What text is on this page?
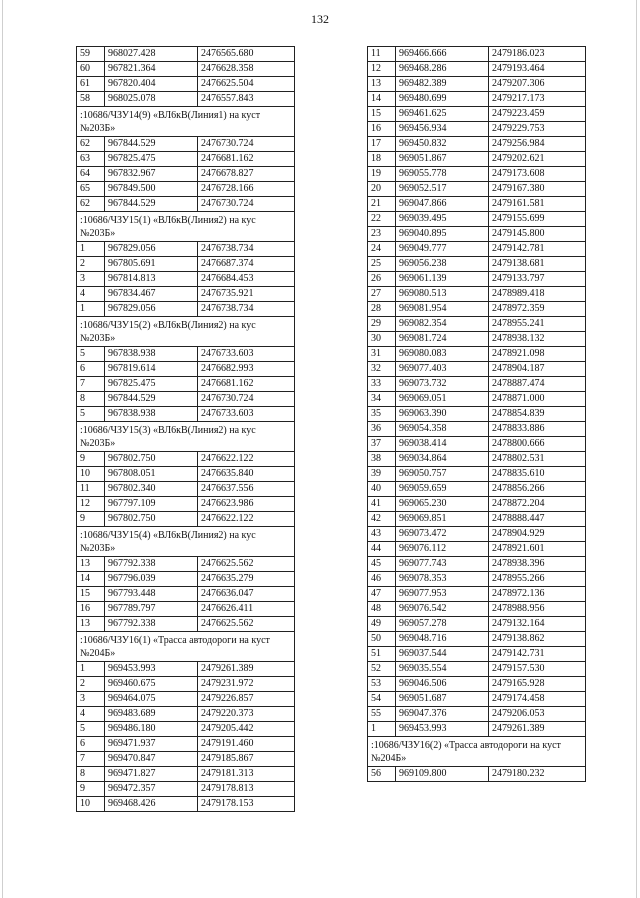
132
59	968027.428	2476565.680
60	967821.364	2476628.358
61	967820.404	2476625.504
58	968025.078	2476557.843
:10686/ЧЗУ14(9) «ВЛ6кВ(Линия1) на куст №203Б»		
62	967844.529	2476730.724
63	967825.475	2476681.162
64	967832.967	2476678.827
65	967849.500	2476728.166
62	967844.529	2476730.724
:10686/ЧЗУ15(1) «ВЛ6кВ(Линия2) на кус №203Б»		
1	967829.056	2476738.734
2	967805.691	2476687.374
3	967814.813	2476684.453
4	967834.467	2476735.921
1	967829.056	2476738.734
:10686/ЧЗУ15(2) «ВЛ6кВ(Линия2) на кус №203Б»		
5	967838.938	2476733.603
6	967819.614	2476682.993
7	967825.475	2476681.162
8	967844.529	2476730.724
5	967838.938	2476733.603
:10686/ЧЗУ15(3) «ВЛ6кВ(Линия2) на кус №203Б»		
9	967802.750	2476622.122
10	967808.051	2476635.840
11	967802.340	2476637.556
12	967797.109	2476623.986
9	967802.750	2476622.122
:10686/ЧЗУ15(4) «ВЛ6кВ(Линия2) на кус №203Б»		
13	967792.338	2476625.562
14	967796.039	2476635.279
15	967793.448	2476636.047
16	967789.797	2476626.411
13	967792.338	2476625.562
:10686/ЧЗУ16(1) «Трасса автодороги на куст №204Б»		
1	969453.993	2479261.389
2	969460.675	2479231.972
3	969464.075	2479226.857
4	969483.689	2479220.373
5	969486.180	2479205.442
6	969471.937	2479191.460
7	969470.847	2479185.867
8	969471.827	2479181.313
9	969472.357	2479178.813
10	969468.426	2479178.153
11	969466.666	2479186.023
12	969468.286	2479193.464
13	969482.389	2479207.306
14	969480.699	2479217.173
15	969461.625	2479223.459
16	969456.934	2479229.753
17	969450.832	2479256.984
18	969051.867	2479202.621
19	969055.778	2479173.608
20	969052.517	2479167.380
21	969047.866	2479161.581
22	969039.495	2479155.699
23	969040.895	2479145.800
24	969049.777	2479142.781
25	969056.238	2479138.681
26	969061.139	2479133.797
27	969080.513	2478989.418
28	969081.954	2478972.359
29	969082.354	2478955.241
30	969081.724	2478938.132
31	969080.083	2478921.098
32	969077.403	2478904.187
33	969073.732	2478887.474
34	969069.051	2478871.000
35	969063.390	2478854.839
36	969054.358	2478833.886
37	969038.414	2478800.666
38	969034.864	2478802.531
39	969050.757	2478835.610
40	969059.659	2478856.266
41	969065.230	2478872.204
42	969069.851	2478888.447
43	969073.472	2478904.929
44	969076.112	2478921.601
45	969077.743	2478938.396
46	969078.353	2478955.266
47	969077.953	2478972.136
48	969076.542	2478988.956
49	969057.278	2479132.164
50	969048.716	2479138.862
51	969037.544	2479142.731
52	969035.554	2479157.530
53	969046.506	2479165.928
54	969051.687	2479174.458
55	969047.376	2479206.053
1	969453.993	2479261.389
:10686/ЧЗУ16(2) «Трасса автодороги на куст №204Б»		
56	969109.800	2479180.232
